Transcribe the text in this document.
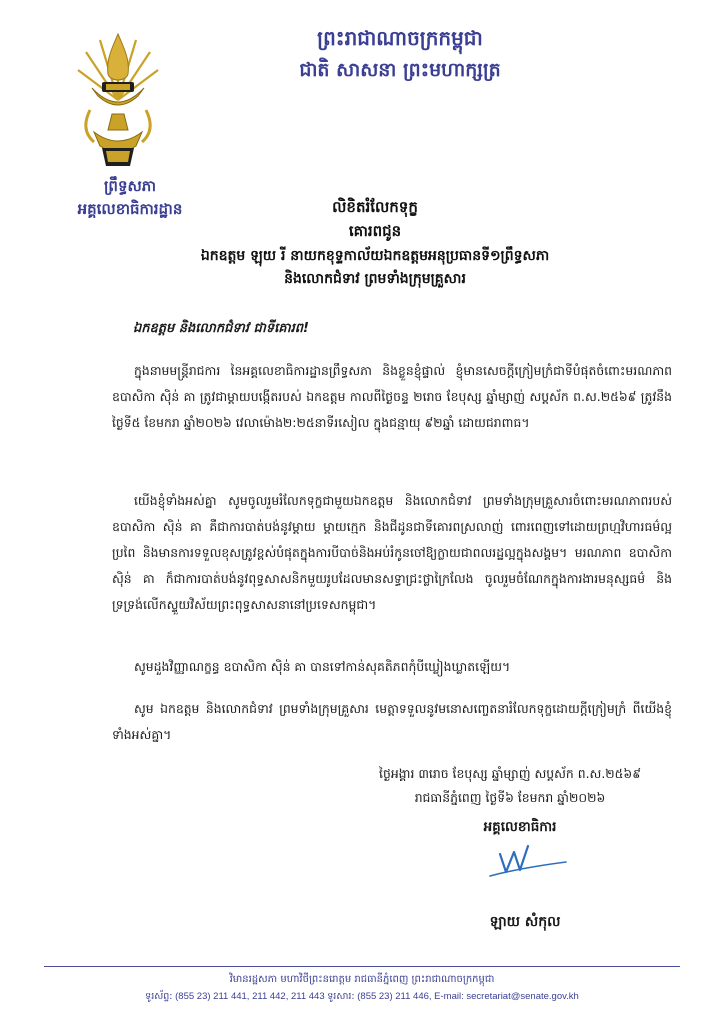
ព្រះរាជាណាចក្រកម្ពុជា
ជាតិ សាសនា ព្រះមហាក្សត្រ
ព្រឹទ្ធសភា
អគ្គលេខាធិការដ្ឋាន	លិខិតរំលែកទុក្ខ
គោរពជូន
ឯកឧត្តម ឡុយ រី នាយកខុទ្ទកាល័យឯកឧត្តមអនុប្រធានទី១ព្រឹទ្ធសភា
និងលោកជំទាវ ព្រមទាំងក្រុមគ្រួសារ
ឯកឧត្តម និងលោកជំទាវ ជាទីគោរព!
ក្នុងនាមមន្ត្រីរាជការ នៃអគ្គលេខាធិការដ្ឋានព្រឹទ្ធសភា និងខ្លួនខ្ញុំផ្ទាល់ ខ្ញុំមានសេចក្តីក្រៀមក្រំជាទីបំផុតចំពោះមរណភាព ឧបាសិកា ស៊ិន់ គា ត្រូវជាម្តាយបង្កើតរបស់ ឯកឧត្តម កាលពីថ្ងៃចន្ទ ២រោច ខែបុស្ស ឆ្នាំម្សាញ់ សប្តស័ក ព.ស.២៥៦៩ ត្រូវនឹងថ្ងៃទី៥ ខែមករា ឆ្នាំ២០២៦ វេលាម៉ោង២:២៥នាទីរសៀល ក្នុងជន្មាយុ ៩២ឆ្នាំ ដោយជរាពាធ។
យើងខ្ញុំទាំងអស់គ្នា សូមចូលរួមរំលែកទុក្ខជាមួយឯកឧត្តម និងលោកជំទាវ ព្រមទាំងក្រុមគ្រួសារចំពោះមរណភាពរបស់ ឧបាសិកា ស៊ិន់ គា គឺជាការបាត់បង់នូវម្តាយ ម្តាយក្មេក និងជីដូនជាទីគោរពស្រលាញ់ ពោរពេញទៅដោយព្រហ្មវិហារធម៌ល្អប្រពៃ និងមានការទទួលខុសត្រូវខ្ពស់បំផុតក្នុងការបីបាច់និងអប់រំកូនចៅឱ្យក្លាយជាពលរដ្ឋល្អក្នុងសង្គម។ មរណភាព ឧបាសិកា ស៊ិន់ គា ក៏ជាការបាត់បង់នូវពុទ្ធសាសនិកមួយរូបដែលមានសទ្ធាជ្រះថ្លាក្រៃលែង ចូលរួមចំណែកក្នុងការងារមនុស្សធម៌ និងទ្រទ្រង់លើកស្ទួយវិស័យព្រះពុទ្ធសាសនានៅប្រទេសកម្ពុជា។
សូមដួងវិញ្ញាណក្ខន្ធ ឧបាសិកា ស៊ិន់ គា បានទៅកាន់សុគតិភពកុំបីឃ្លៀងឃ្លាតឡើយ។
សូម ឯកឧត្តម និងលោកជំទាវ ព្រមទាំងក្រុមគ្រួសារ មេត្តាទទួលនូវមនោសញ្ចេតនារំលែកទុក្ខដោយក្តីក្រៀមក្រំ ពីយើងខ្ញុំទាំងអស់គ្នា។
ថ្ងៃអង្គារ ៣រោច ខែបុស្ស ឆ្នាំម្សាញ់ សប្តស័ក ព.ស.២៥៦៩
រាជធានីភ្នំពេញ ថ្ងៃទី៦ ខែមករា ឆ្នាំ២០២៦
អគ្គលេខាធិការ
ឡាយ សំកុល
វិមានរដ្ឋសភា មហាវិថីព្រះនរោត្តម រាជធានីភ្នំពេញ ព្រះរាជាណាចក្រកម្ពុជា
ទូរស័ព្ទ: (855 23) 211 441, 211 442, 211 443 ទូរសារ: (855 23) 211 446, E-mail: secretariat@senate.gov.kh
